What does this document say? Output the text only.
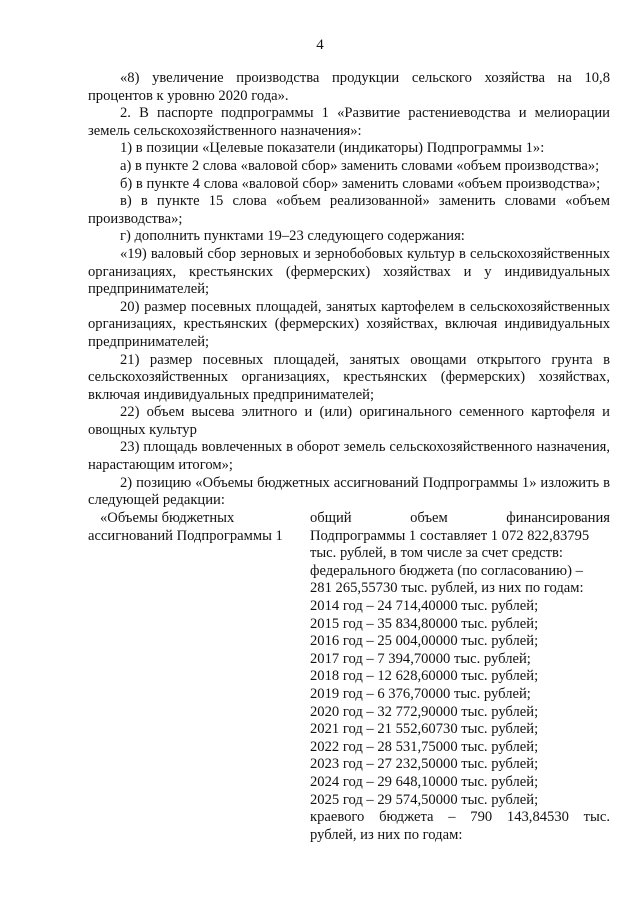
4

«8) увеличение производства продукции сельского хозяйства на 10,8 процентов к уровню 2020 года».

2. В паспорте подпрограммы 1 «Развитие растениеводства и мелиорации земель сельскохозяйственного назначения»:

1) в позиции «Целевые показатели (индикаторы) Подпрограммы 1»:

а) в пункте 2 слова «валовой сбор» заменить словами «объем производства»;

б) в пункте 4 слова «валовой сбор» заменить словами «объем производства»;

в) в пункте 15 слова «объем реализованной» заменить словами «объем производства»;

г) дополнить пунктами 19–23 следующего содержания:

«19) валовый сбор зерновых и зернобобовых культур в сельскохозяйственных организациях, крестьянских (фермерских) хозяйствах и у индивидуальных предпринимателей;

20) размер посевных площадей, занятых картофелем в сельскохозяйственных организациях, крестьянских (фермерских) хозяйствах, включая индивидуальных предпринимателей;

21) размер посевных площадей, занятых овощами открытого грунта в сельскохозяйственных организациях, крестьянских (фермерских) хозяйствах, включая индивидуальных предпринимателей;

22) объем высева элитного и (или) оригинального семенного картофеля и овощных культур

23) площадь вовлеченных в оборот земель сельскохозяйственного назначения, нарастающим итогом»;

2) позицию «Объемы бюджетных ассигнований Подпрограммы 1» изложить в следующей редакции:

«Объемы бюджетных
ассигнований Подпрограммы 1
общий объем финансирования
Подпрограммы 1 составляет 1 072 822,83795
тыс. рублей, в том числе за счет средств:
федерального бюджета (по согласованию) –
281 265,55730 тыс. рублей, из них по годам:
2014 год – 24 714,40000 тыс. рублей;
2015 год – 35 834,80000 тыс. рублей;
2016 год – 25 004,00000 тыс. рублей;
2017 год – 7 394,70000 тыс. рублей;
2018 год – 12 628,60000 тыс. рублей;
2019 год – 6 376,70000 тыс. рублей;
2020 год – 32 772,90000 тыс. рублей;
2021 год – 21 552,60730 тыс. рублей;
2022 год – 28 531,75000 тыс. рублей;
2023 год – 27 232,50000 тыс. рублей;
2024 год – 29 648,10000 тыс. рублей;
2025 год – 29 574,50000 тыс. рублей;
краевого бюджета – 790 143,84530 тыс.
рублей, из них по годам:
